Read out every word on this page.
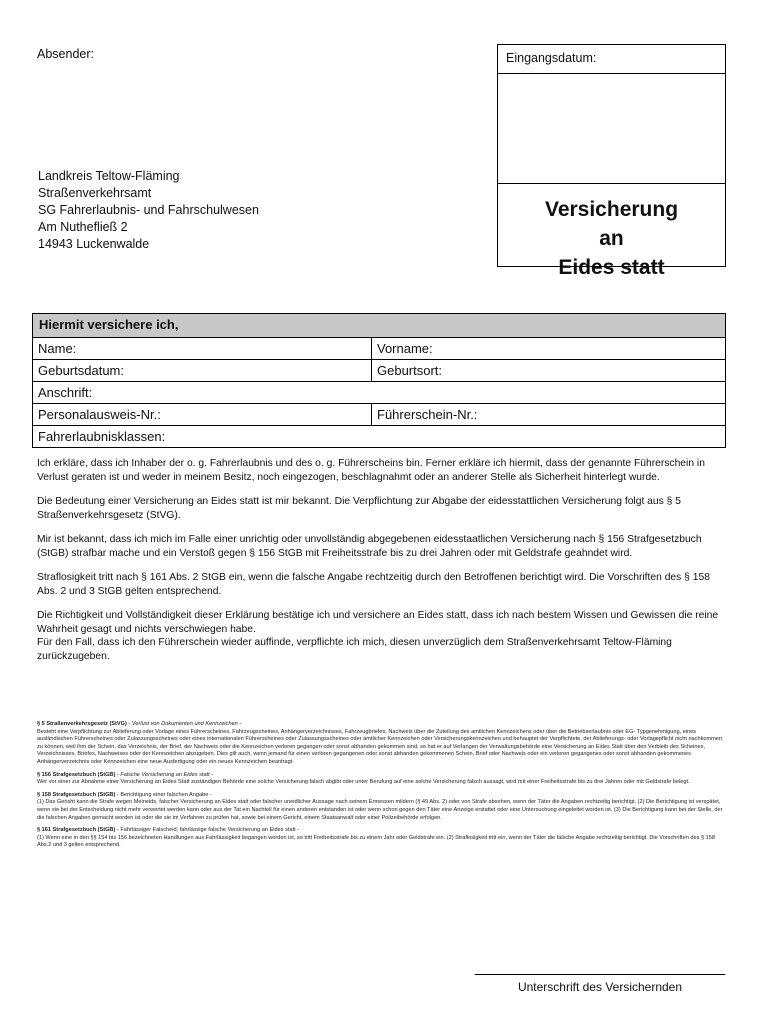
Absender:
Landkreis Teltow-Fläming
Straßenverkehrsamt
SG Fahrerlaubnis- und Fahrschulwesen
Am Nuthefließ 2
14943 Luckenwalde
Eingangsdatum:
Versicherung
an
Eides statt
Hiermit versichere ich,
Name:	Vorname:
Geburtsdatum:	Geburtsort:
Anschrift:
Personalausweis-Nr.:	Führerschein-Nr.:
Fahrerlaubnisklassen:

Ich erkläre, dass ich Inhaber der o. g. Fahrerlaubnis und des o. g. Führerscheins bin. Ferner erkläre ich hiermit, dass der genannte Führerschein in Verlust geraten ist und weder in meinem Besitz, noch eingezogen, beschlagnahmt oder an anderer Stelle als Sicherheit hinterlegt wurde.

Die Bedeutung einer Versicherung an Eides statt ist mir bekannt. Die Verpflichtung zur Abgabe der eidesstattlichen Versicherung folgt aus § 5 Straßenverkehrsgesetz (StVG).

Mir ist bekannt, dass ich mich im Falle einer unrichtig oder unvollständig abgegebenen eidesstaatlichen Versicherung nach § 156 Strafgesetzbuch (StGB) strafbar mache und ein Verstoß gegen § 156 StGB mit Freiheitsstrafe bis zu drei Jahren oder mit Geldstrafe geahndet wird.

Straflosigkeit tritt nach § 161 Abs. 2 StGB ein, wenn die falsche Angabe rechtzeitig durch den Betroffenen berichtigt wird. Die Vorschriften des § 158 Abs. 2 und 3 StGB gelten entsprechend.

Die Richtigkeit und Vollständigkeit dieser Erklärung bestätige ich und versichere an Eides statt, dass ich nach bestem Wissen und Gewissen die reine Wahrheit gesagt und nichts verschwiegen habe.

Für den Fall, dass ich den Führerschein wieder auffinde, verpflichte ich mich, diesen unverzüglich dem Straßenverkehrsamt Teltow-Fläming zurückzugeben.

§ 5 Straßenverkehrsgesetz (StVG) - Verlust von Dokumenten und Kennzeichen -
Besteht eine Verpflichtung zur Ablieferung oder Vorlage eines Führerscheines, Fahrzeugscheines, Anhängerverzeichnisses, Fahrzeugbriefes, Nachweis über die Zuteilung des amtlichen Kennzeichens oder über die Betriebserlaubnis oder EG- Typgenehmigung, eines ausländischen Führerscheines oder Zulassungsscheines oder eines internationalen Führerscheines oder Zulassungsscheines oder amtlicher Kennzeichen oder Versicherungskennzeichen und behauptet der Verpflichtete, der Ablieferungs- oder Vorlagepflicht nicht nachkommen zu können, weil ihm der Schein, das Verzeichnis, der Brief, der Nachweis oder die Kennzeichen verloren gegangen oder sonst abhanden gekommen sind, so hat er auf Verlangen der Verwaltungsbehörde eine Versicherung an Eides Statt über den Verbleib des Scheines, Verzeichnisses, Briefes, Nachweises oder der Kennzeichen abzugeben. Dies gilt auch, wenn jemand für einen verloren gegangenen oder sonst abhanden gekommenen Schein, Brief oder Nachweis oder ein verloren gegangenes oder sonst abhanden gekommenes Anhängerverzeichnis oder Kennzeichen eine neue Ausfertigung oder ein neues Kennzeichen beantragt

§ 156 Strafgesetzbuch (StGB) - Falsche Versicherung an Eides statt -
Wer vor einer zur Abnahme einer Versicherung an Eides Statt zuständigen Behörde eine solche Versicherung falsch abgibt oder unter Berufung auf eine solche Versicherung falsch aussagt, wird mit einer Freiheitsstrafe bis zu drei Jahren oder mit Geldstrafe belegt.

§ 158 Strafgesetzbuch (StGB) - Berichtigung einer falschen Angabe -
(1) Das Gericht kann die Strafe wegen Meineids, falscher Versicherung an Eides statt oder falscher uneidlicher Aussage nach seinem Ermessen mildern (§ 49 Abs. 2) oder von Strafe absehen, wenn der Täter die Angaben rechtzeitig berichtigt. (2) Die Berichtigung ist verspätet, wenn sie bei der Entscheidung nicht mehr verwertet werden kann oder aus der Tat ein Nachteil für einen anderen entstanden ist oder wenn schon gegen den Täter eine Anzeige erstattet oder eine Untersuchung eingeleitet worden ist. (3) Die Berichtigung kann bei der Stelle, der die falschen Angaben gemacht worden ist oder die sie im Verfahren zu prüfen hat, sowie bei einem Gericht, einem Staatsanwalt oder einer Polizeibehörde erfolgen.

§ 161 Strafgesetzbuch (StGB) - Fahrlässiger Falscheid; fahrlässige falsche Versicherung an Eides statt -
(1) Wenn eine in den §§ 154 bis 156 bezeichneten Handlungen aus Fahrlässigkeit begangen worden ist, so tritt Freiheitsstrafe bis zu einem Jahr oder Geldstrafe ein. (2) Straflosigkeit tritt ein, wenn der Täter die falsche Angabe rechtzeitig berichtigt. Die Vorschriften des § 158 Abs.2 und 3 gelten entsprechend.

Unterschrift des Versichernden
